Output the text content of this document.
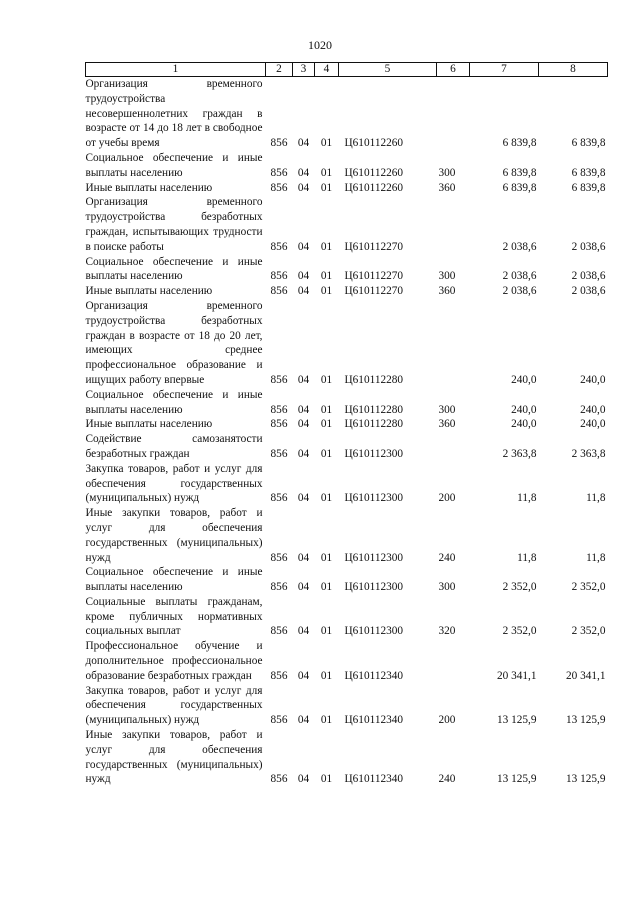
1020
1	2	3	4	5	6	7	8
Организация временного трудоустройства несовершеннолетних граждан в возрасте от 14 до 18 лет в свободное от учебы время	856	04	01	Ц610112260		6 839,8	6 839,8
Социальное обеспечение и иные выплаты населению	856	04	01	Ц610112260	300	6 839,8	6 839,8
Иные выплаты населению	856	04	01	Ц610112260	360	6 839,8	6 839,8
Организация временного трудоустройства безработных граждан, испытывающих трудности в поиске работы	856	04	01	Ц610112270		2 038,6	2 038,6
Социальное обеспечение и иные выплаты населению	856	04	01	Ц610112270	300	2 038,6	2 038,6
Иные выплаты населению	856	04	01	Ц610112270	360	2 038,6	2 038,6
Организация временного трудоустройства безработных граждан в возрасте от 18 до 20 лет, имеющих среднее профессиональное образование и ищущих работу впервые	856	04	01	Ц610112280		240,0	240,0
Социальное обеспечение и иные выплаты населению	856	04	01	Ц610112280	300	240,0	240,0
Иные выплаты населению	856	04	01	Ц610112280	360	240,0	240,0
Содействие самозанятости безработных граждан	856	04	01	Ц610112300		2 363,8	2 363,8
Закупка товаров, работ и услуг для обеспечения государственных (муниципальных) нужд	856	04	01	Ц610112300	200	11,8	11,8
Иные закупки товаров, работ и услуг для обеспечения государственных (муниципальных) нужд	856	04	01	Ц610112300	240	11,8	11,8
Социальное обеспечение и иные выплаты населению	856	04	01	Ц610112300	300	2 352,0	2 352,0
Социальные выплаты гражданам, кроме публичных нормативных социальных выплат	856	04	01	Ц610112300	320	2 352,0	2 352,0
Профессиональное обучение и дополнительное профессиональное образование безработных граждан	856	04	01	Ц610112340		20 341,1	20 341,1
Закупка товаров, работ и услуг для обеспечения государственных (муниципальных) нужд	856	04	01	Ц610112340	200	13 125,9	13 125,9
Иные закупки товаров, работ и услуг для обеспечения государственных (муниципальных) нужд	856	04	01	Ц610112340	240	13 125,9	13 125,9
